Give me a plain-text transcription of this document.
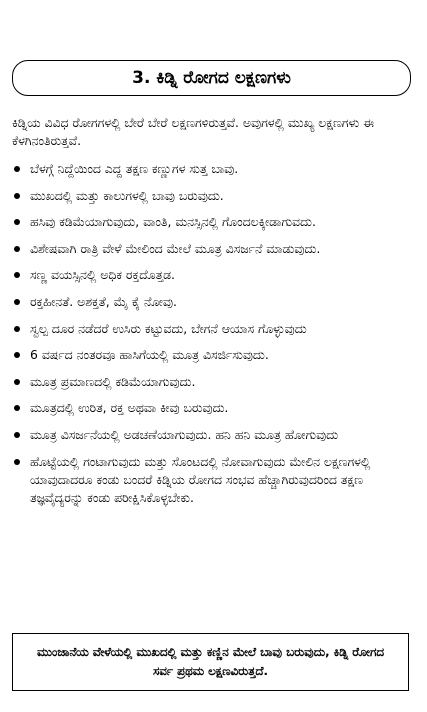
3. ಕಿಡ್ನಿ ರೋಗದ ಲಕ್ಷಣಗಳು

ಕಿಡ್ನಿಯ ವಿವಿಧ ರೋಗಗಳಲ್ಲಿ ಬೇರೆ ಬೇರೆ ಲಕ್ಷಣಗಳಿರುತ್ತವೆ. ಅವುಗಳಲ್ಲಿ ಮುಖ್ಯ ಲಕ್ಷಣಗಳು ಈ ಕೆಳಗಿನಂತಿರುತ್ತವೆ.

ಬೆಳಗ್ಗೆ ನಿದ್ದೆಯಿಂದ ಎದ್ದ ತಕ್ಷಣ ಕಣ್ಣುಗಳ ಸುತ್ತ ಬಾವು.
ಮುಖದಲ್ಲಿ ಮತ್ತು ಕಾಲುಗಳಲ್ಲಿ ಬಾವು ಬರುವುದು.
ಹಸಿವು ಕಡಿಮೆಯಾಗುವುದು, ವಾಂತಿ, ಮನಸ್ಸಿನಲ್ಲಿ ಗೊಂದಲಕ್ಕೀಡಾಗುವದು.
ವಿಶೇಷವಾಗಿ ರಾತ್ರಿ ವೇಳೆ ಮೇಲಿಂದ ಮೇಲೆ ಮೂತ್ರ ವಿಸರ್ಜನೆ ಮಾಡುವುದು.
ಸಣ್ಣ ವಯಸ್ಸಿನಲ್ಲಿ ಅಧಿಕ ರಕ್ತದೊತ್ತಡ.
ರಕ್ತಹೀನತೆ. ಅಶಕ್ತತೆ, ಮೈ ಕೈ ನೋವು.
ಸ್ವಲ್ಪ ದೂರ ನಡೆದರೆ ಉಸಿರು ಕಟ್ಟುವದು, ಬೇಗನೆ ಆಯಾಸ ಗೊಳ್ಳುವುದು
6 ವರ್ಷದ ನಂತರವೂ ಹಾಸಿಗೆಯಲ್ಲಿ ಮೂತ್ರ ವಿಸರ್ಜಿಸುವುದು.
ಮೂತ್ರ ಪ್ರಮಾಣದಲ್ಲಿ ಕಡಿಮೆಯಾಗುವುದು.
ಮೂತ್ರದಲ್ಲಿ ಉರಿತ, ರಕ್ತ ಅಥವಾ ಕೀವು ಬರುವುದು.
ಮೂತ್ರ ವಿಸರ್ಜನೆಯಲ್ಲಿ ಅಡಚಣೆಯಾಗುವುದು. ಹನಿ ಹನಿ ಮೂತ್ರ ಹೋಗುವುದು
ಹೊಟ್ಟೆಯಲ್ಲಿ ಗಂಟಾಗುವುದು ಮತ್ತು ಸೊಂಟದಲ್ಲಿ ನೋವಾಗುವುದು ಮೇಲಿನ ಲಕ್ಷಣಗಳಲ್ಲಿ ಯಾವುದಾದರೂ ಕಂಡು ಬಂದರೆ ಕಿಡ್ನಿಯ ರೋಗದ ಸಂಭವ ಹೆಚ್ಚಾಗಿರುವುದರಿಂದ ತಕ್ಷಣ ತಜ್ಞವೈದ್ಯರನ್ನು ಕಂಡು ಪರೀಕ್ಷಿಸಿಕೊಳ್ಳಬೇಕು.
ಮುಂಜಾನೆಯ ವೇಳೆಯಲ್ಲಿ ಮುಖದಲ್ಲಿ ಮತ್ತು ಕಣ್ಣಿನ ಮೇಲೆ ಬಾವು ಬರುವುದು, ಕಿಡ್ನಿ ರೋಗದ ಸರ್ವ ಪ್ರಥಮ ಲಕ್ಷಣವಿರುತ್ತದೆ.
